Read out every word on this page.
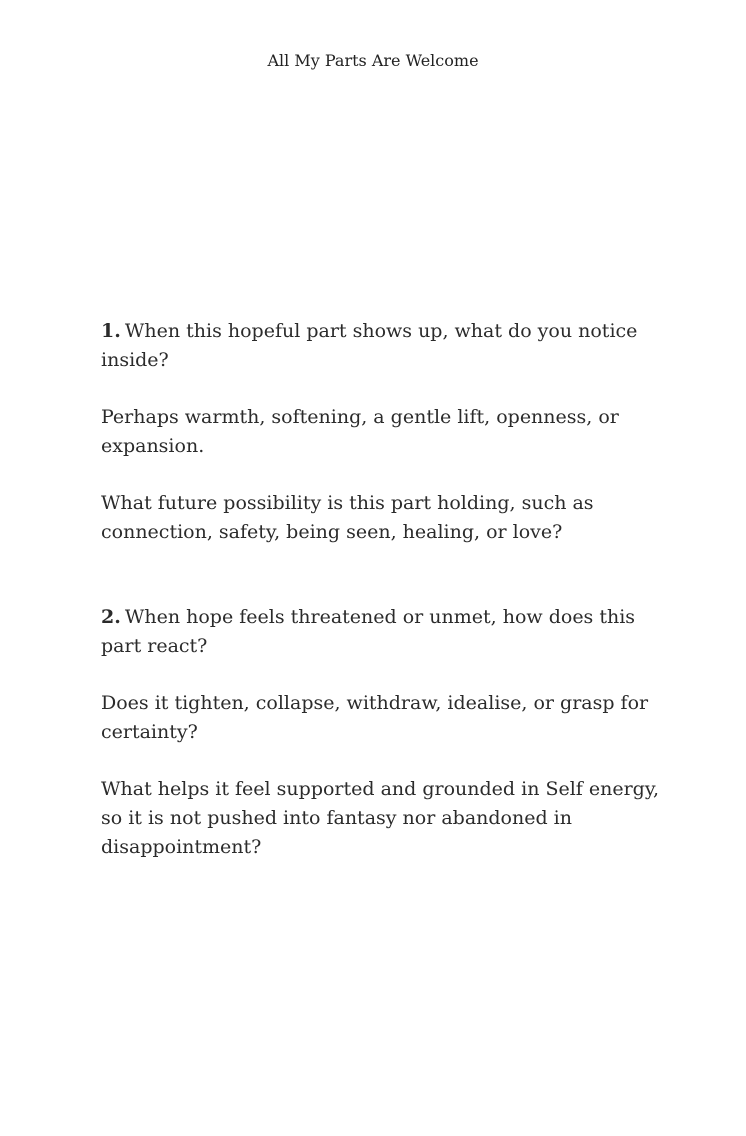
All My Parts Are Welcome

1. When this hopeful part shows up, what do you notice inside?

Perhaps warmth, softening, a gentle lift, openness, or expansion.

What future possibility is this part holding, such as connection, safety, being seen, healing, or love?

2. When hope feels threatened or unmet, how does this part react?

Does it tighten, collapse, withdraw, idealise, or grasp for certainty?

What helps it feel supported and grounded in Self energy, so it is not pushed into fantasy nor abandoned in disappointment?
